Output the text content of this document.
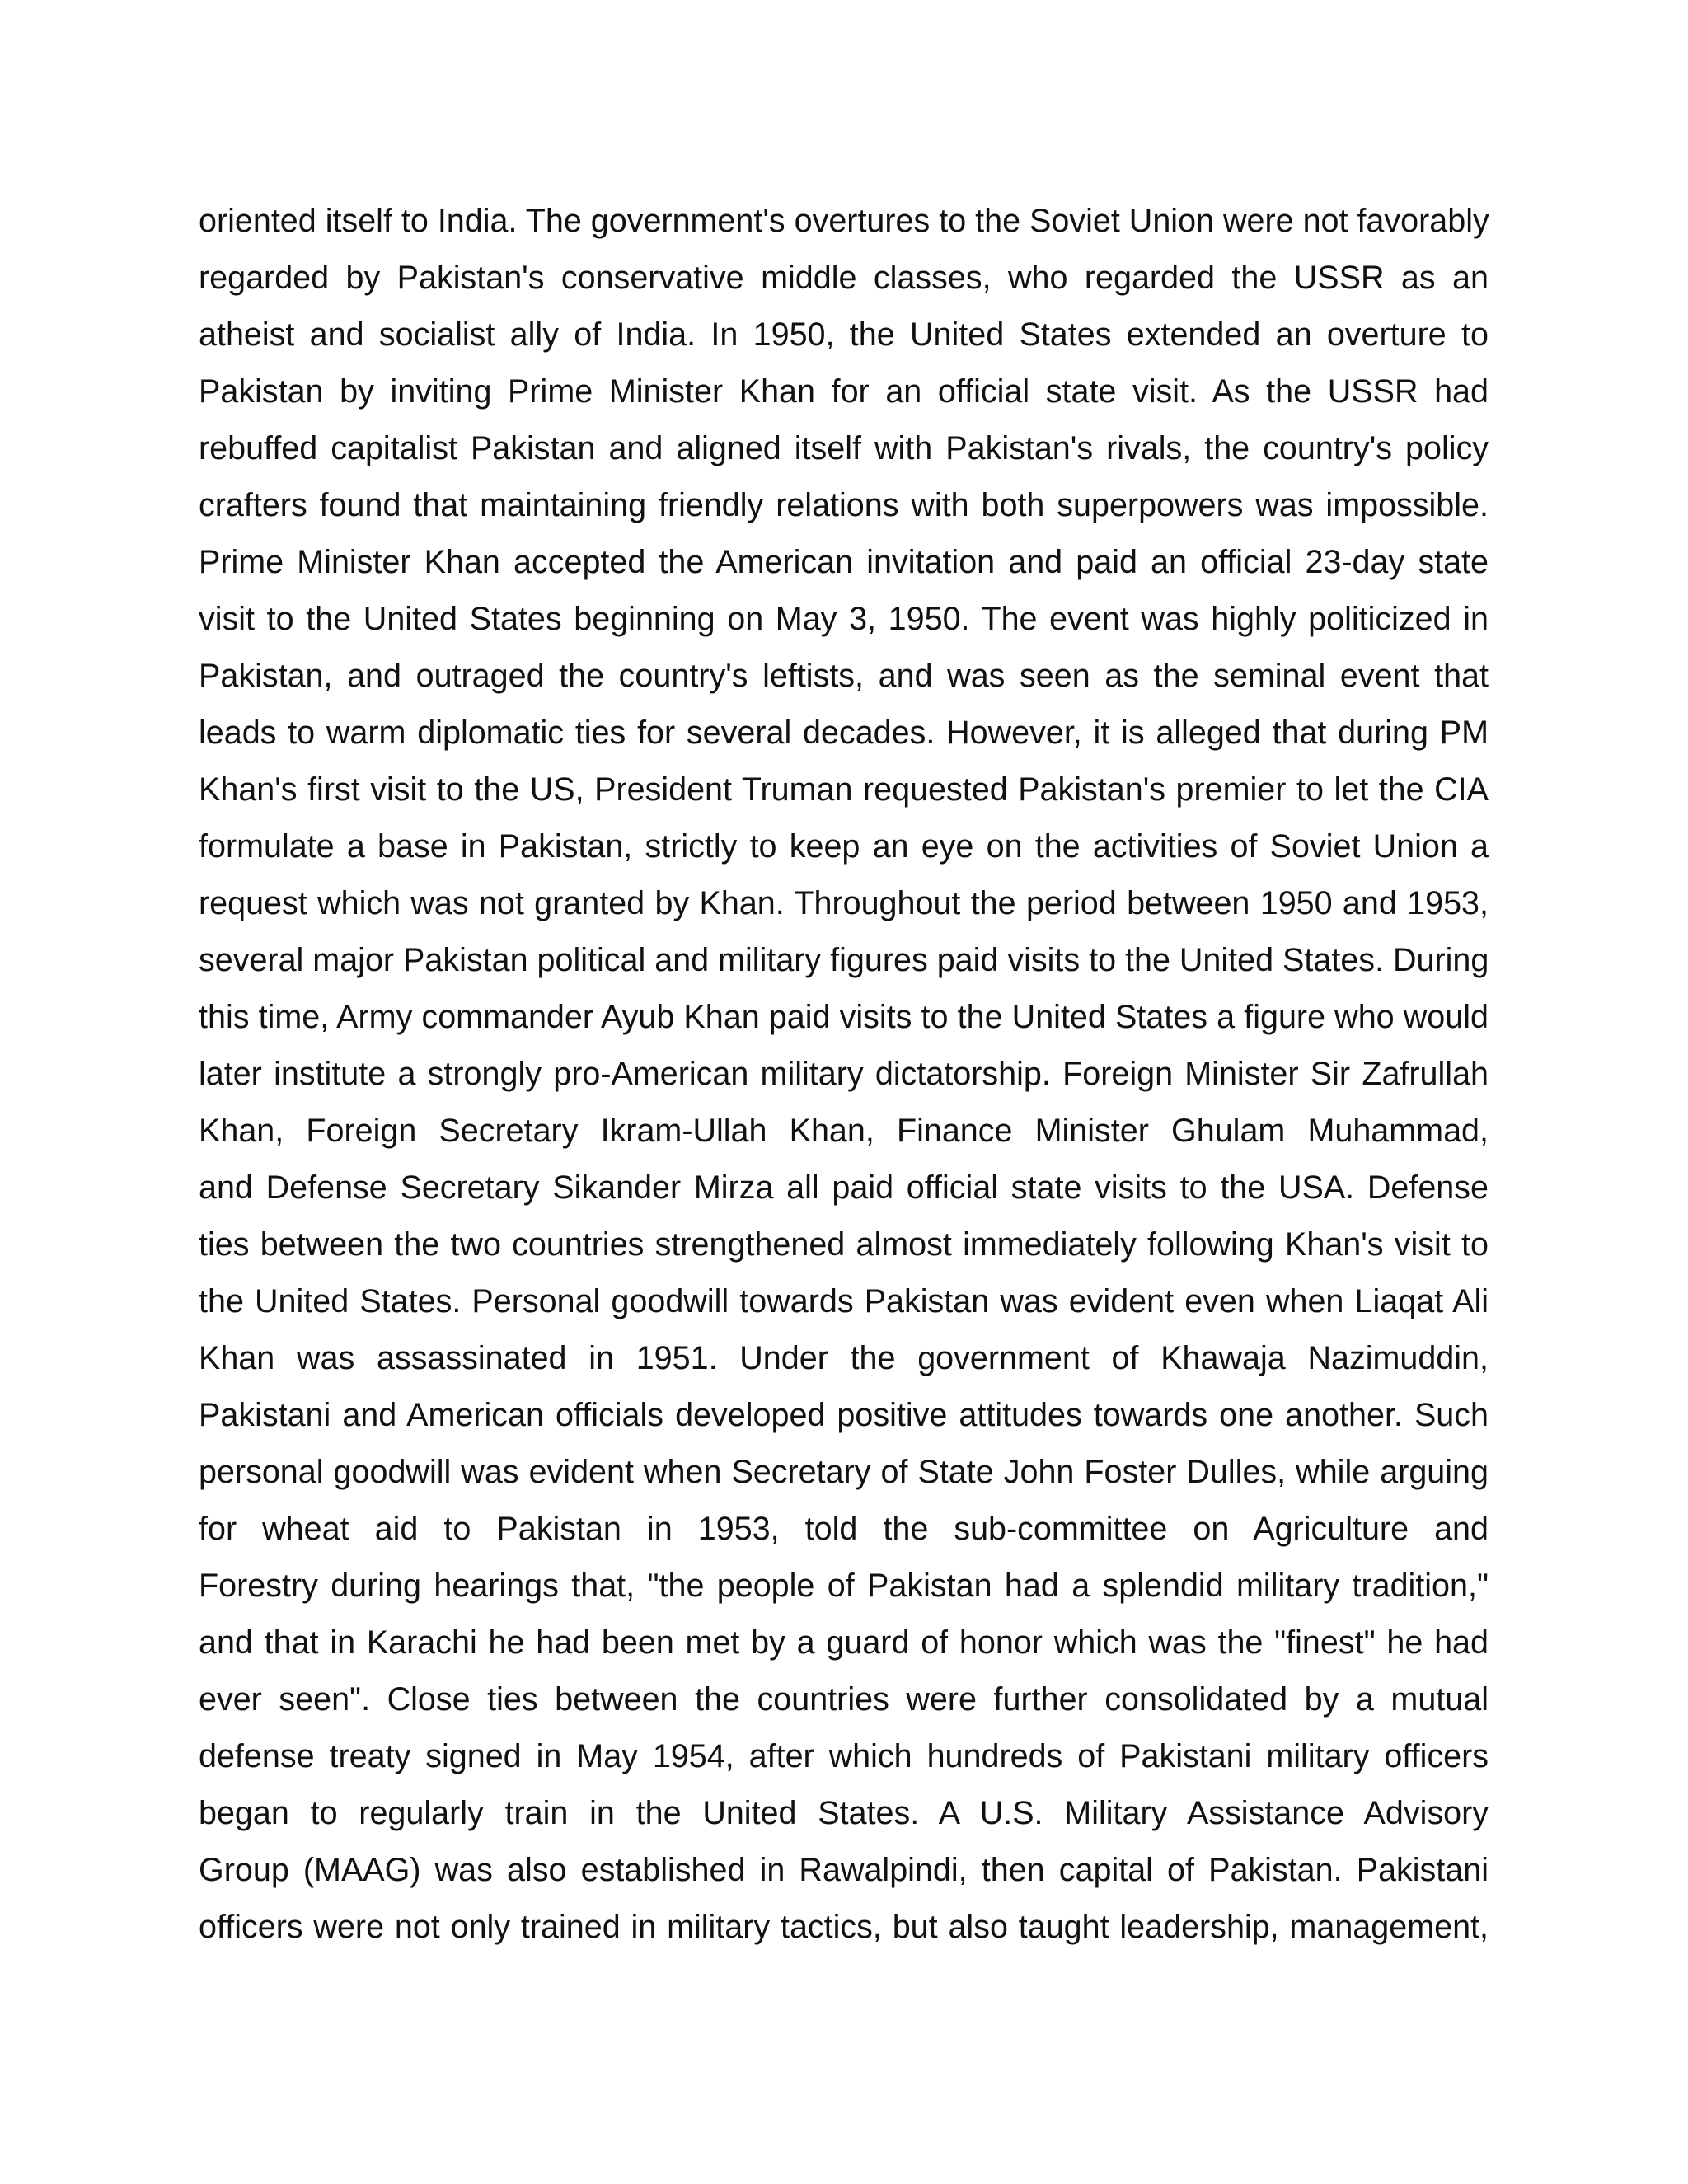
oriented itself to India. The government's overtures to the Soviet Union were not favorably
regarded by Pakistan's conservative middle classes, who regarded the USSR as an
atheist and socialist ally of India. In 1950, the United States extended an overture to
Pakistan by inviting Prime Minister Khan for an official state visit. As the USSR had
rebuffed capitalist Pakistan and aligned itself with Pakistan's rivals, the country's policy
crafters found that maintaining friendly relations with both superpowers was impossible.
Prime Minister Khan accepted the American invitation and paid an official 23-day state
visit to the United States beginning on May 3, 1950. The event was highly politicized in
Pakistan, and outraged the country's leftists, and was seen as the seminal event that
leads to warm diplomatic ties for several decades. However, it is alleged that during PM
Khan's first visit to the US, President Truman requested Pakistan's premier to let the CIA
formulate a base in Pakistan, strictly to keep an eye on the activities of Soviet Union a
request which was not granted by Khan. Throughout the period between 1950 and 1953,
several major Pakistan political and military figures paid visits to the United States. During
this time, Army commander Ayub Khan paid visits to the United States a figure who would
later institute a strongly pro-American military dictatorship. Foreign Minister Sir Zafrullah
Khan, Foreign Secretary Ikram-Ullah Khan, Finance Minister Ghulam Muhammad,
and Defense Secretary Sikander Mirza all paid official state visits to the USA. Defense
ties between the two countries strengthened almost immediately following Khan's visit to
the United States. Personal goodwill towards Pakistan was evident even when Liaqat Ali
Khan was assassinated in 1951. Under the government of Khawaja Nazimuddin,
Pakistani and American officials developed positive attitudes towards one another. Such
personal goodwill was evident when Secretary of State John Foster Dulles, while arguing
for wheat aid to Pakistan in 1953, told the sub-committee on Agriculture and
Forestry during hearings that, "the people of Pakistan had a splendid military tradition,"
and that in Karachi he had been met by a guard of honor which was the "finest" he had
ever seen". Close ties between the countries were further consolidated by a mutual
defense treaty signed in May 1954, after which hundreds of Pakistani military officers
began to regularly train in the United States. A U.S. Military Assistance Advisory
Group (MAAG) was also established in Rawalpindi, then capital of Pakistan. Pakistani
officers were not only trained in military tactics, but also taught leadership, management,
